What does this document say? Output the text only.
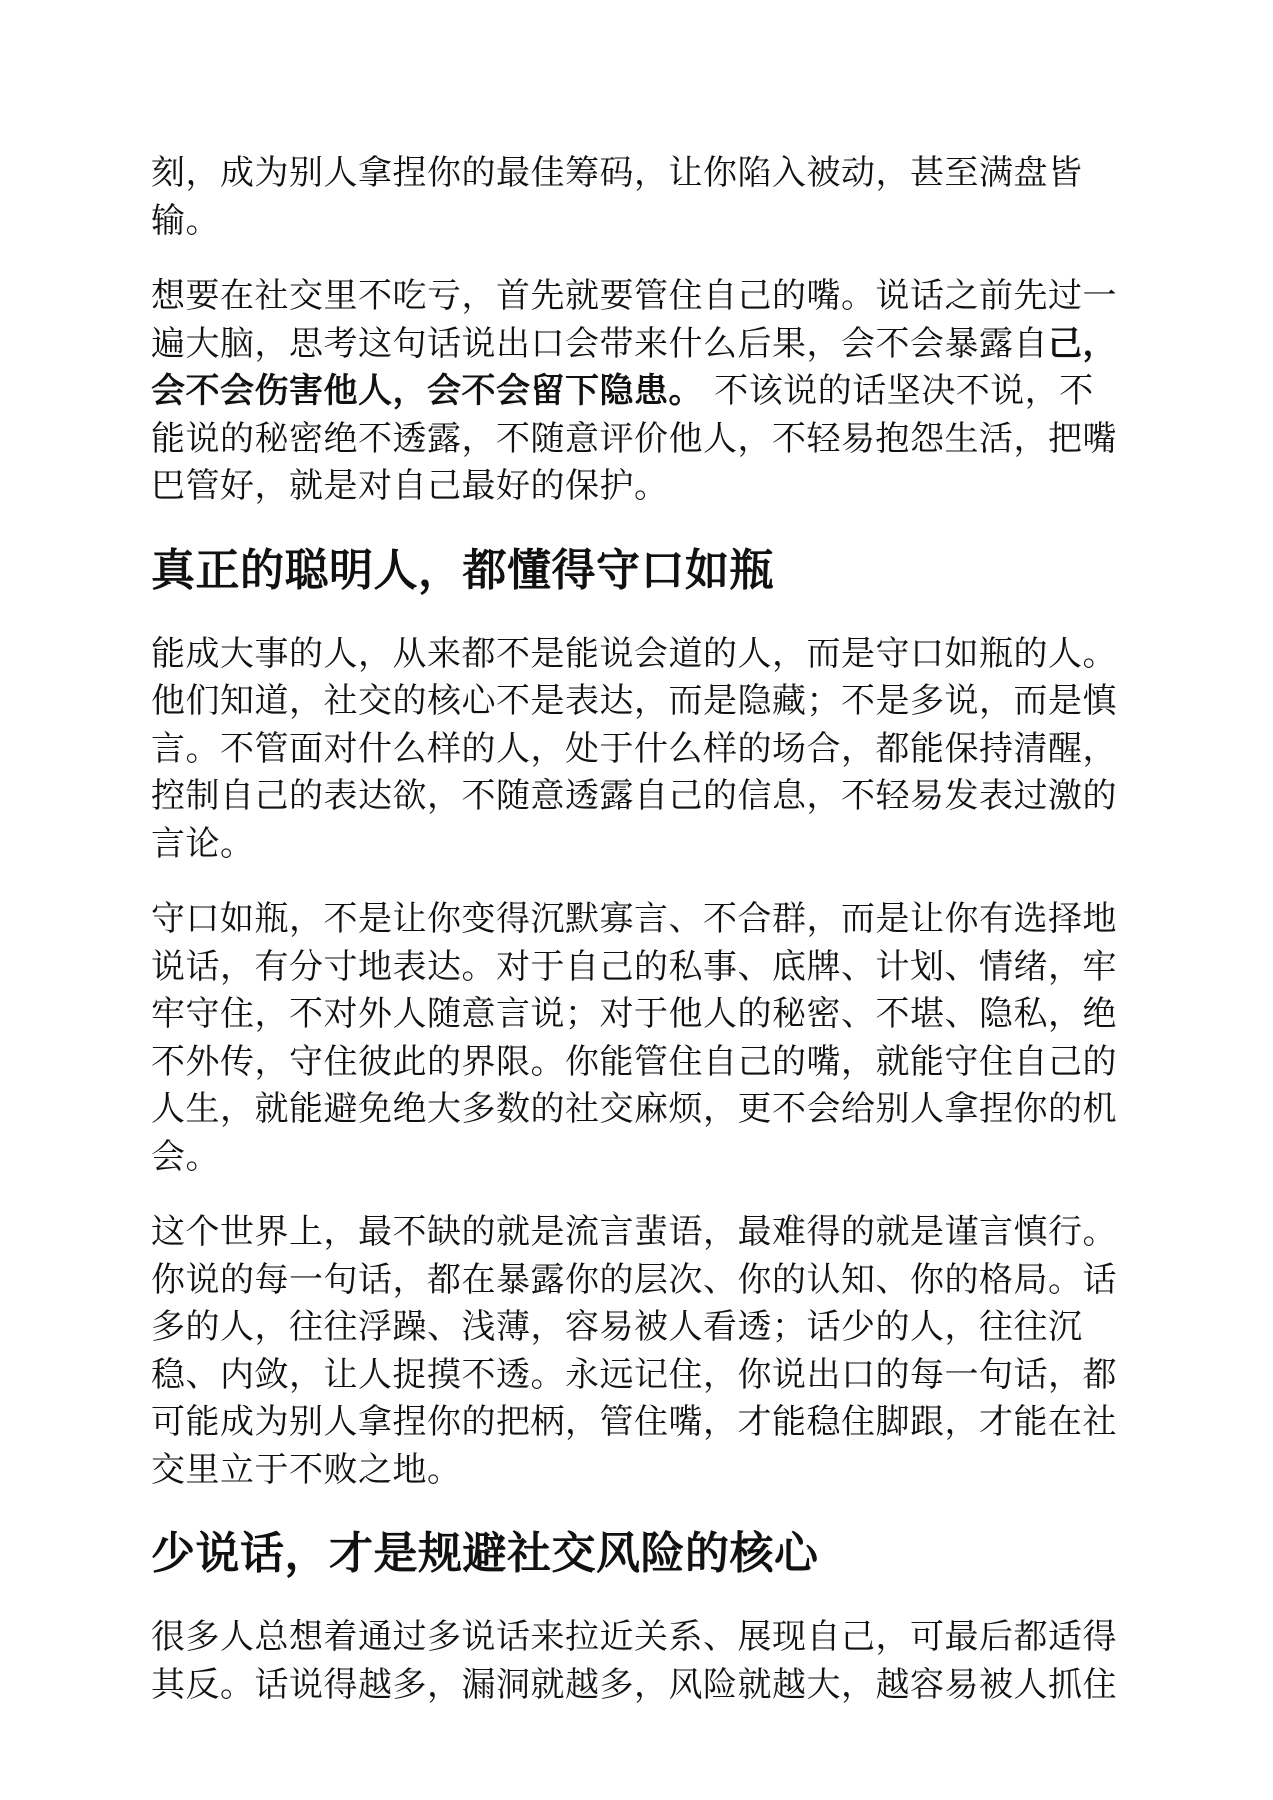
刻，成为别人拿捏你的最佳筹码，让你陷入被动，甚至满盘皆输。

想要在社交里不吃亏，首先就要管住自己的嘴。说话之前先过一遍大脑，思考这句话说出口会带来什么后果，会不会暴露自己，会不会伤害他人，会不会留下隐患。 不该说的话坚决不说，不能说的秘密绝不透露，不随意评价他人，不轻易抱怨生活，把嘴巴管好，就是对自己最好的保护。

真正的聪明人，都懂得守口如瓶

能成大事的人，从来都不是能说会道的人，而是守口如瓶的人。他们知道，社交的核心不是表达，而是隐藏；不是多说，而是慎言。不管面对什么样的人，处于什么样的场合，都能保持清醒，控制自己的表达欲，不随意透露自己的信息，不轻易发表过激的言论。

守口如瓶，不是让你变得沉默寡言、不合群，而是让你有选择地说话，有分寸地表达。对于自己的私事、底牌、计划、情绪，牢牢守住，不对外人随意言说；对于他人的秘密、不堪、隐私，绝不外传，守住彼此的界限。你能管住自己的嘴，就能守住自己的人生，就能避免绝大多数的社交麻烦，更不会给别人拿捏你的机会。

这个世界上，最不缺的就是流言蜚语，最难得的就是谨言慎行。你说的每一句话，都在暴露你的层次、你的认知、你的格局。话多的人，往往浮躁、浅薄，容易被人看透；话少的人，往往沉稳、内敛，让人捉摸不透。永远记住，你说出口的每一句话，都可能成为别人拿捏你的把柄，管住嘴，才能稳住脚跟，才能在社交里立于不败之地。

少说话，才是规避社交风险的核心

很多人总想着通过多说话来拉近关系、展现自己，可最后都适得其反。话说得越多，漏洞就越多，风险就越大，越容易被人抓住
